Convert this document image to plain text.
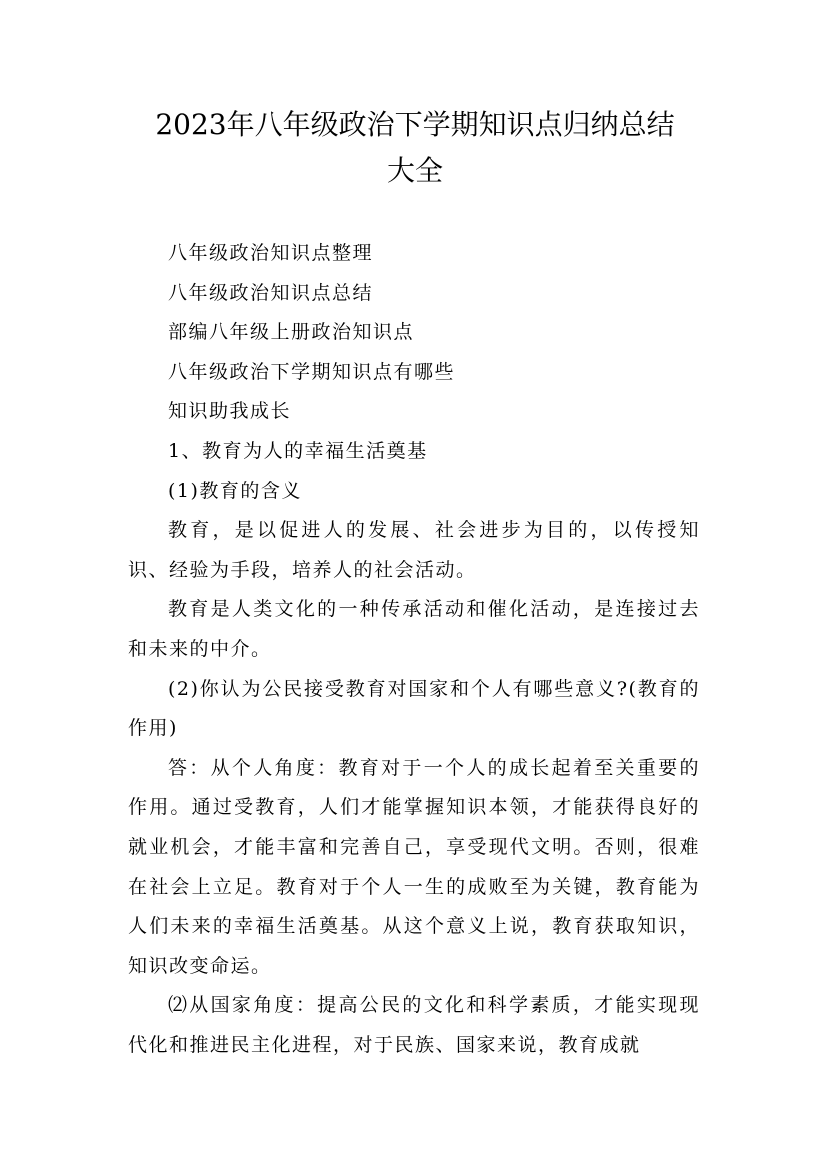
2023年八年级政治下学期知识点归纳总结
大全

八年级政治知识点整理

八年级政治知识点总结

部编八年级上册政治知识点

八年级政治下学期知识点有哪些

知识助我成长

1、教育为人的幸福生活奠基

(1)教育的含义

教育，是以促进人的发展、社会进步为目的，以传授知识、经验为手段，培养人的社会活动。

教育是人类文化的一种传承活动和催化活动，是连接过去和未来的中介。

(2)你认为公民接受教育对国家和个人有哪些意义?(教育的作用)

答：从个人角度：教育对于一个人的成长起着至关重要的作用。通过受教育，人们才能掌握知识本领，才能获得良好的就业机会，才能丰富和完善自己，享受现代文明。否则，很难在社会上立足。教育对于个人一生的成败至为关键，教育能为人们未来的幸福生活奠基。从这个意义上说，教育获取知识，知识改变命运。

⑵从国家角度：提高公民的文化和科学素质，才能实现现代化和推进民主化进程，对于民族、国家来说，教育成就
